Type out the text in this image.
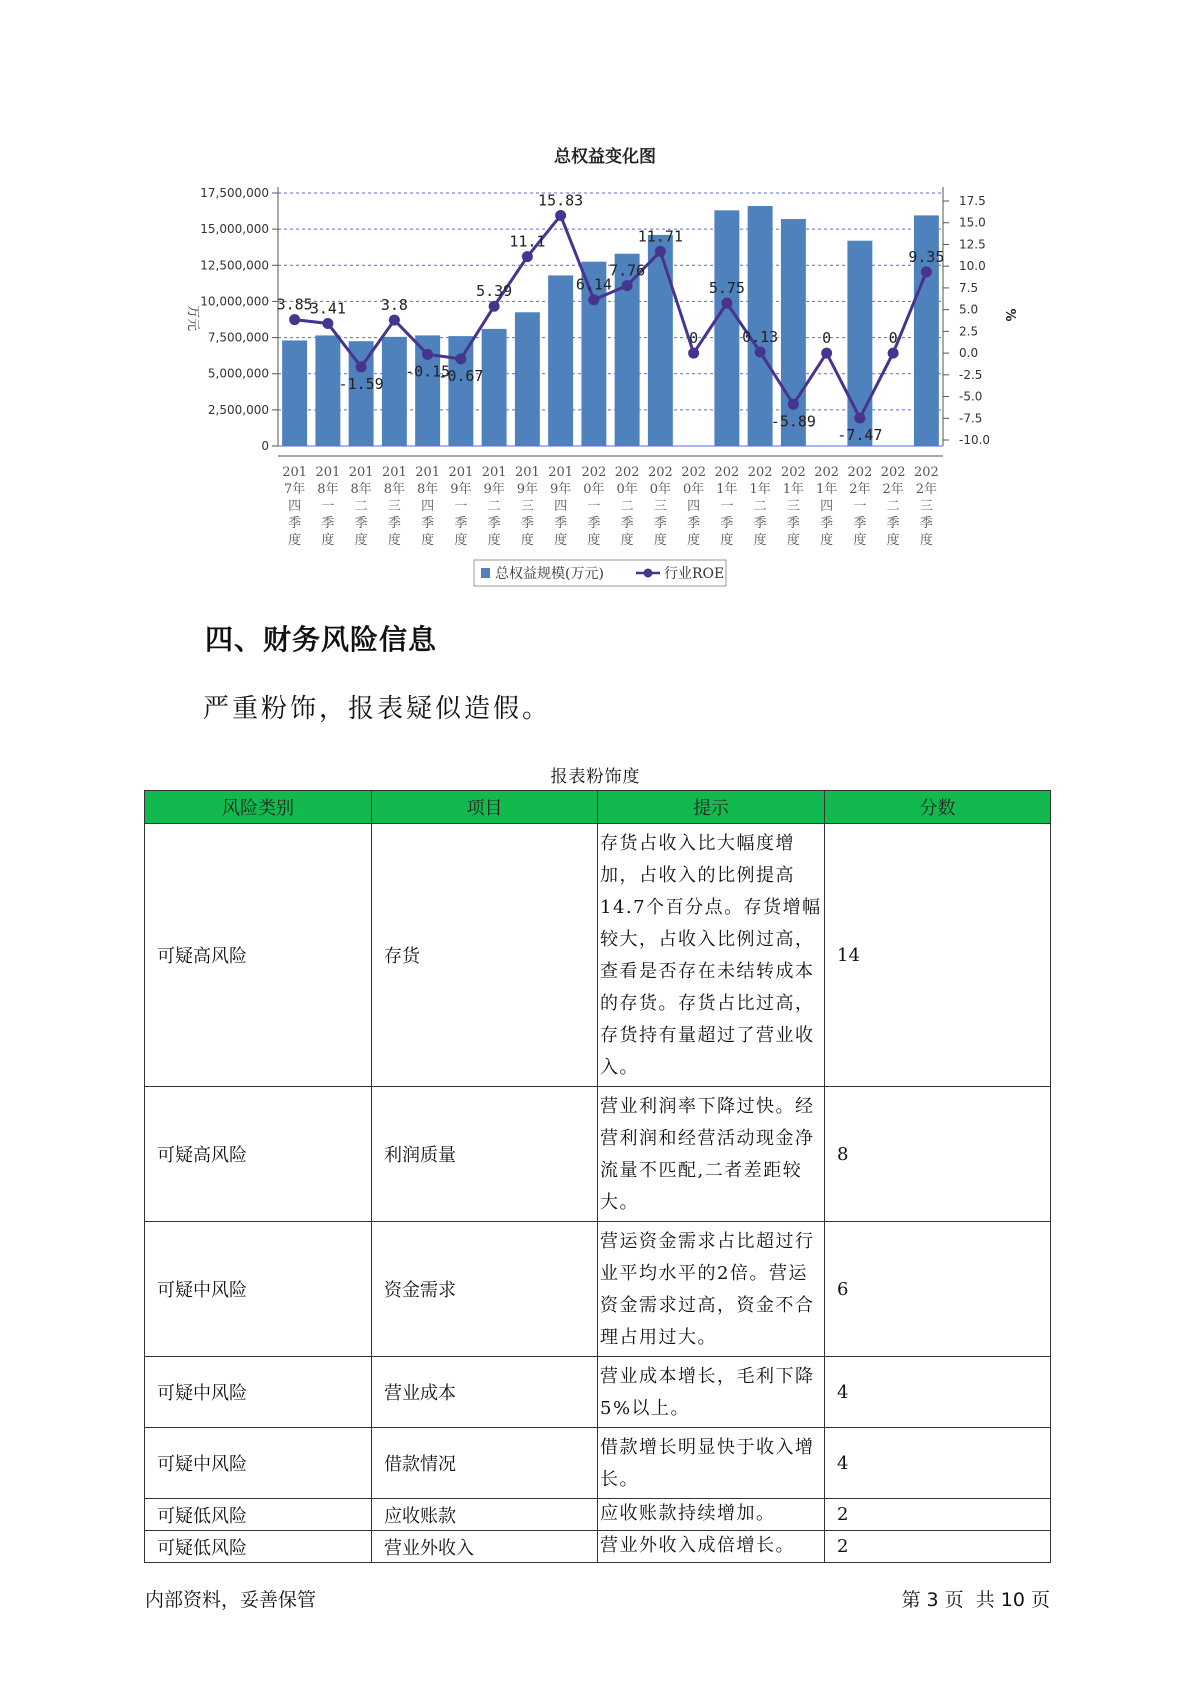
总权益变化图
3.85
3.41
-1.59
3.8
-0.15
-0.67
5.39
11.1
15.83
6.14
7.76
11.71
0
5.75
0.13
-5.89
0
-7.47
0
9.35
0
2,500,000
5,000,000
7,500,000
10,000,000
12,500,000
15,000,000
17,500,000
-10.0
-7.5
-5.0
-2.5
0.0
2.5
5.0
7.5
10.0
12.5
15.0
17.5
201
7年
四
季
度
201
8年
一
季
度
201
8年
二
季
度
201
8年
三
季
度
201
8年
四
季
度
201
9年
一
季
度
201
9年
二
季
度
201
9年
三
季
度
201
9年
四
季
度
202
0年
一
季
度
202
0年
二
季
度
202
0年
三
季
度
202
0年
四
季
度
202
1年
一
季
度
202
1年
二
季
度
202
1年
三
季
度
202
1年
四
季
度
202
2年
一
季
度
202
2年
二
季
度
202
2年
三
季
度
万元	%
总权益规模(万元)	行业ROE
四、财务风险信息
严重粉饰，报表疑似造假。
报表粉饰度
风险类别	项目	提示	分数
可疑高风险	存货	存货占收入比大幅度增加，占收入的比例提高14.7个百分点。存货增幅较大，占收入比例过高，查看是否存在未结转成本的存货。存货占比过高，存货持有量超过了营业收入。	14
可疑高风险	利润质量	营业利润率下降过快。经营利润和经营活动现金净流量不匹配,二者差距较大。	8
可疑中风险	资金需求	营运资金需求占比超过行业平均水平的2倍。营运资金需求过高，资金不合理占用过大。	6
可疑中风险	营业成本	营业成本增长，毛利下降5%以上。	4
可疑中风险	借款情况	借款增长明显快于收入增长。	4
可疑低风险	应收账款	应收账款持续增加。	2
可疑低风险	营业外收入	营业外收入成倍增长。	2
内部资料，妥善保管	第 3 页 共 10 页
